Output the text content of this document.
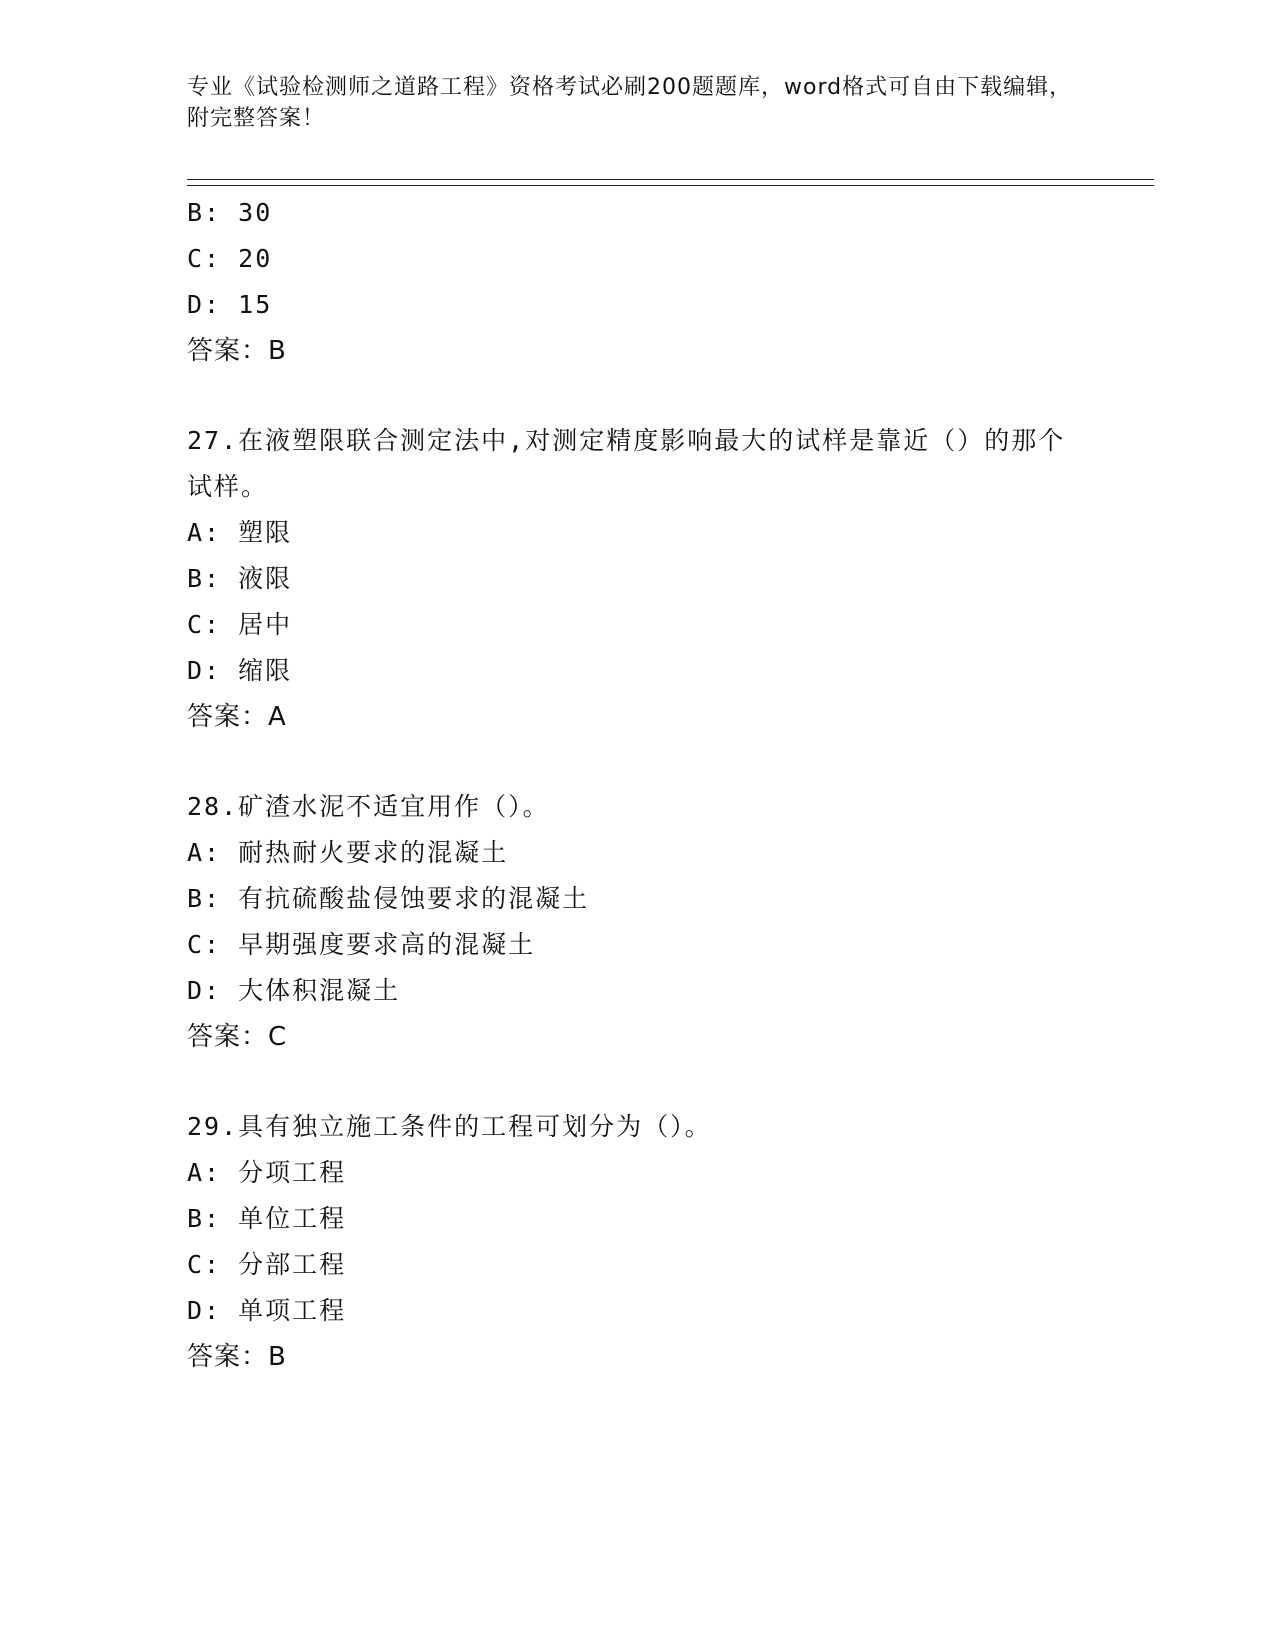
专业《试验检测师之道路工程》资格考试必刷200题题库，word格式可自由下载编辑，附完整答案！
B: 30
C: 20
D: 15
答案：B
27.在液塑限联合测定法中,对测定精度影响最大的试样是靠近（）的那个试样。
A: 塑限
B: 液限
C: 居中
D: 缩限
答案：A
28.矿渣水泥不适宜用作（）。
A: 耐热耐火要求的混凝土
B: 有抗硫酸盐侵蚀要求的混凝土
C: 早期强度要求高的混凝土
D: 大体积混凝土
答案：C
29.具有独立施工条件的工程可划分为（）。
A: 分项工程
B: 单位工程
C: 分部工程
D: 单项工程
答案：B
